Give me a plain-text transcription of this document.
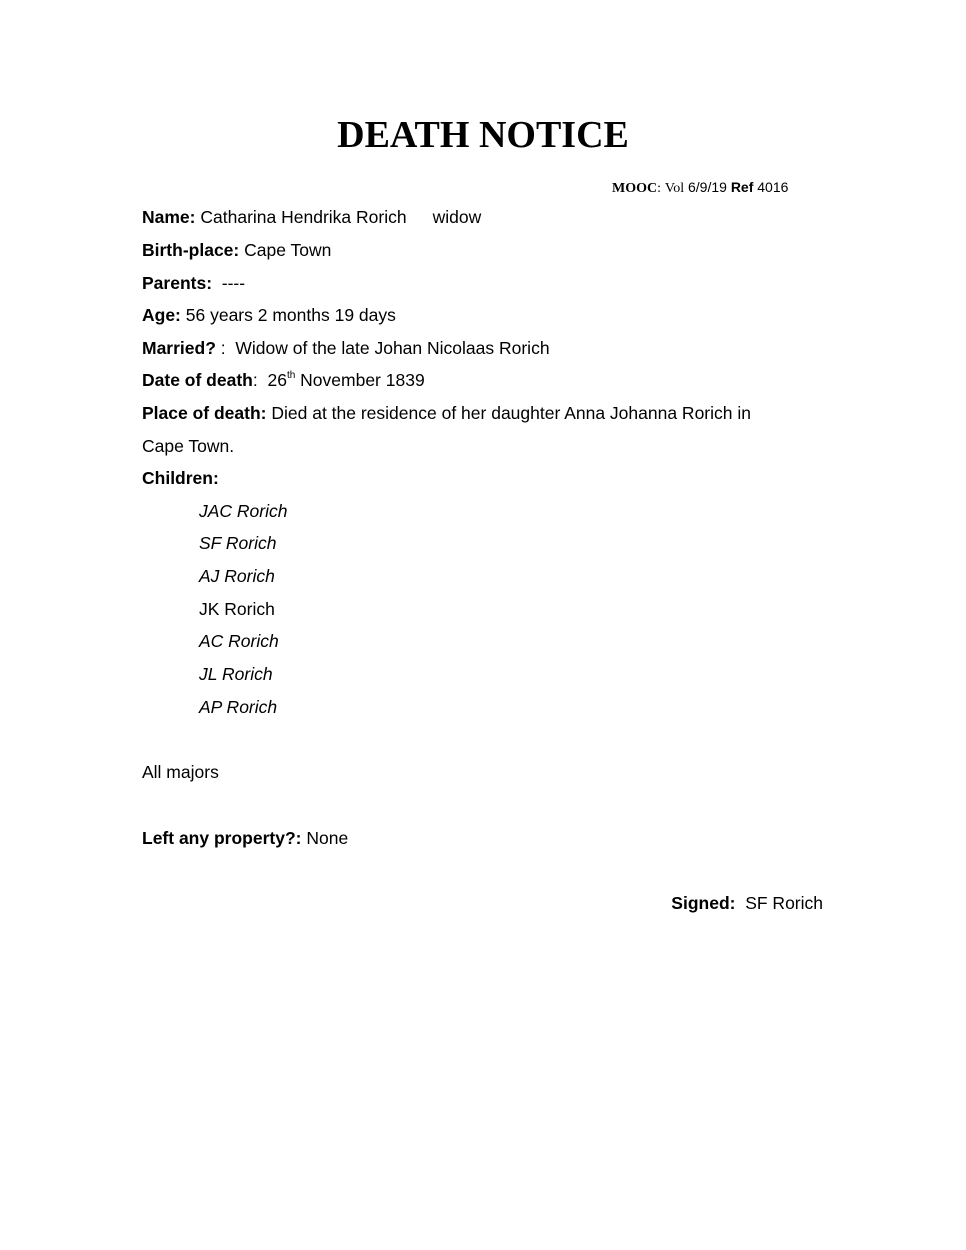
DEATH NOTICE
MOOC: Vol 6/9/19 Ref 4016
Name: Catharina Hendrika Rorich widow
Birth-place: Cape Town
Parents: ----
Age: 56 years 2 months 19 days
Married? : Widow of the late Johan Nicolaas Rorich
Date of death: 26th November 1839
Place of death: Died at the residence of her daughter Anna Johanna Rorich in
Cape Town.
Children:
JAC Rorich
SF Rorich
AJ Rorich
JK Rorich
AC Rorich
JL Rorich
AP Rorich
All majors
Left any property?: None
Signed: SF Rorich
